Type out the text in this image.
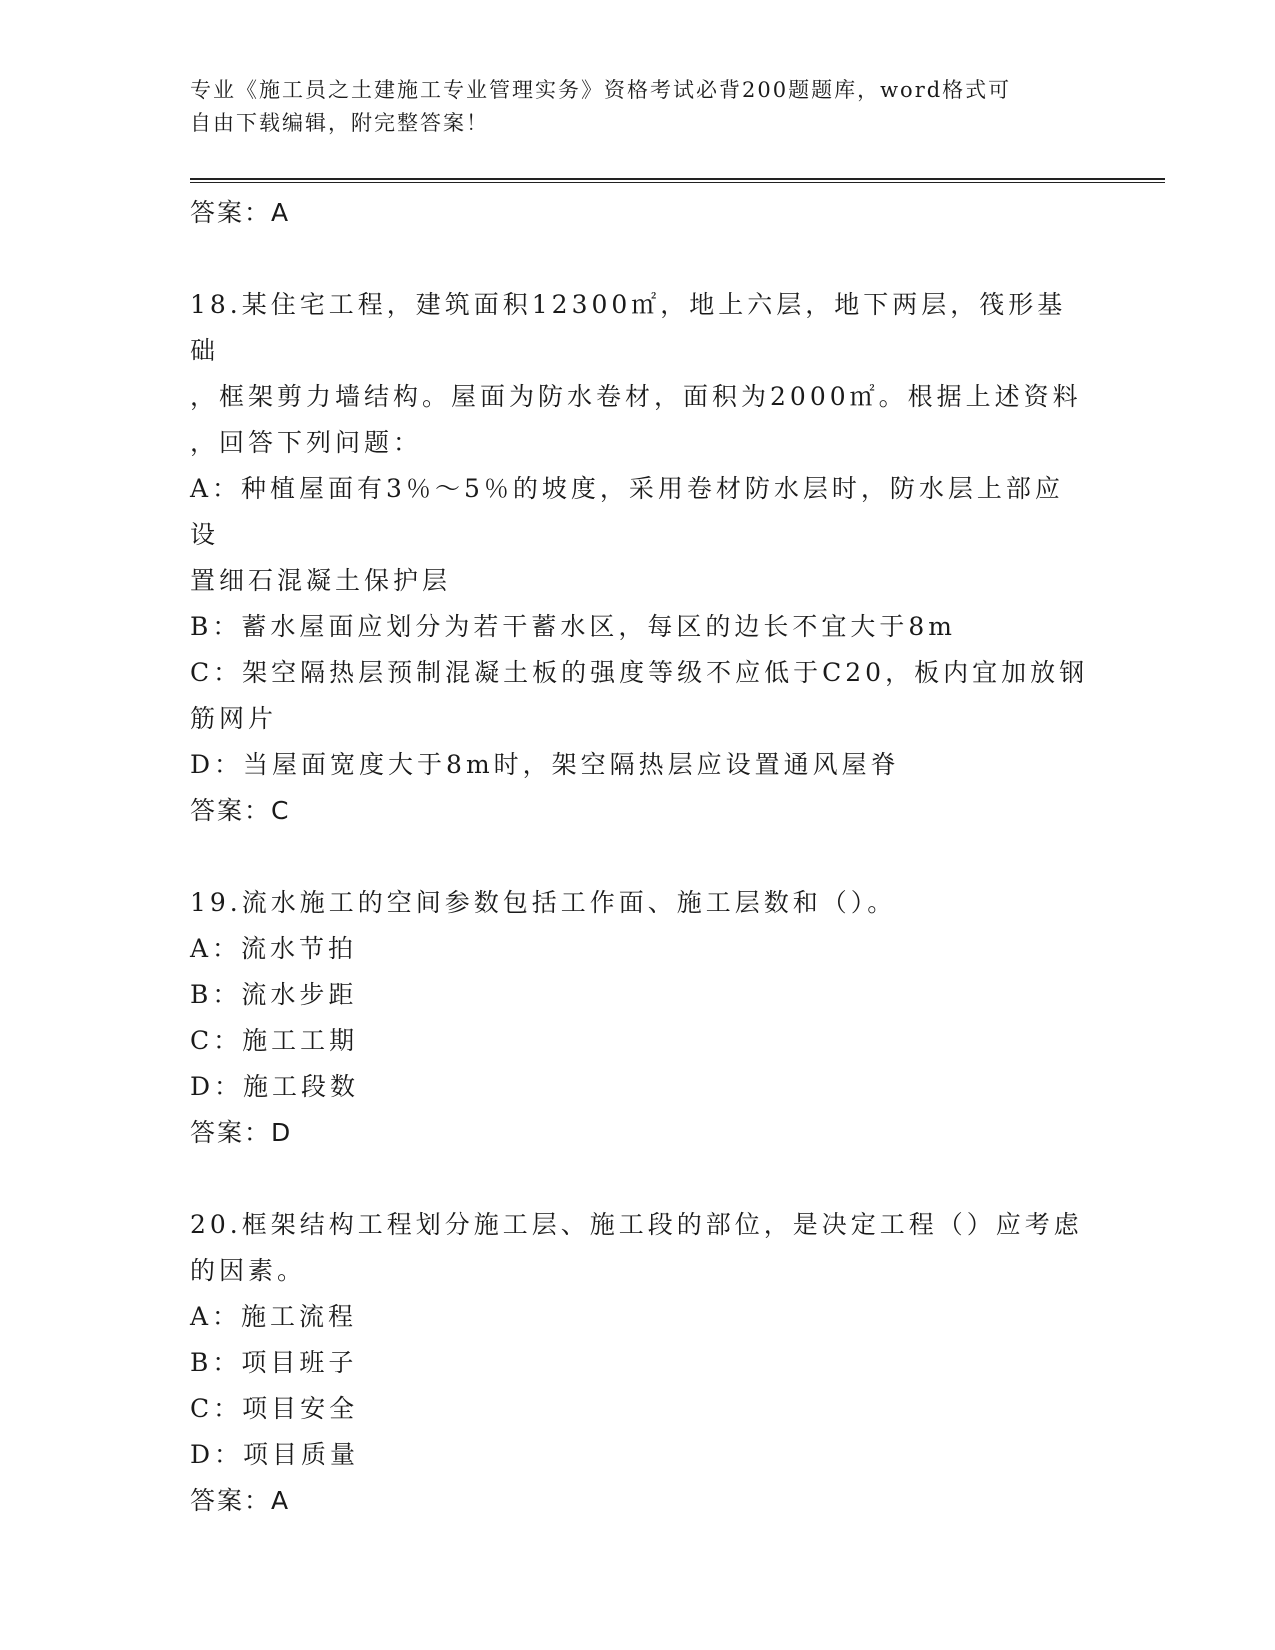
专业《施工员之土建施工专业管理实务》资格考试必背200题题库，word格式可
自由下载编辑，附完整答案！
答案：A
18.某住宅工程，建筑面积12300㎡，地上六层，地下两层，筏形基础
，框架剪力墙结构。屋面为防水卷材，面积为2000㎡。根据上述资料
，回答下列问题：
A：种植屋面有3％～5％的坡度，采用卷材防水层时，防水层上部应设
置细石混凝土保护层
B：蓄水屋面应划分为若干蓄水区，每区的边长不宜大于8m
C：架空隔热层预制混凝土板的强度等级不应低于C20，板内宜加放钢
筋网片
D：当屋面宽度大于8m时，架空隔热层应设置通风屋脊
答案：C
19.流水施工的空间参数包括工作面、施工层数和（）。
A：流水节拍
B：流水步距
C：施工工期
D：施工段数
答案：D
20.框架结构工程划分施工层、施工段的部位，是决定工程（）应考虑
的因素。
A：施工流程
B：项目班子
C：项目安全
D：项目质量
答案：A
